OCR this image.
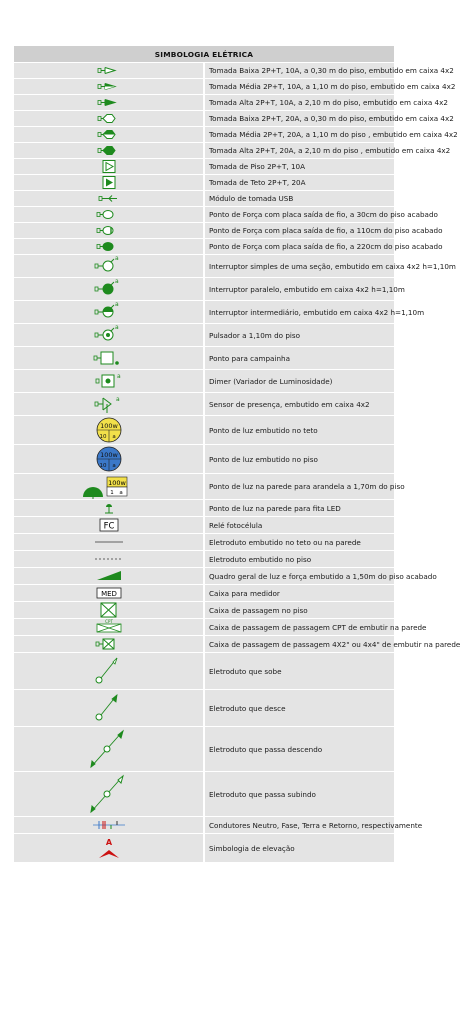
SIMBOLOGIA ELÉTRICA	

	Tomada Baixa 2P+T, 10A, a 0,30 m do piso, embutido em caixa 4x2

	Tomada Média 2P+T, 10A, a 1,10 m do piso, embutido em caixa 4x2

	Tomada Alta 2P+T, 10A, a 2,10 m do piso, embutido em caixa 4x2

	Tomada Baixa 2P+T, 20A, a 0,30 m do piso, embutido em caixa 4x2

	Tomada Média 2P+T, 20A, a 1,10 m do piso , embutido em caixa 4x2

	Tomada Alta 2P+T, 20A, a 2,10 m do piso , embutido em caixa 4x2

	Tomada de Piso 2P+T, 10A

	Tomada de Teto 2P+T, 20A

	Módulo de tomada USB

	Ponto de Força com placa saída de fio, a 30cm do piso acabado

	Ponto de Força com placa saída de fio, a 110cm do piso acabado

	Ponto de Força com placa saída de fio, a 220cm do piso acabado

a	Interruptor simples de uma seção, embutido em caixa 4x2 h=1,10m

a	Interruptor paralelo, embutido em caixa 4x2 h=1,10m

a	Interruptor intermediário, embutido em caixa 4x2 h=1,10m

a	Pulsador a 1,10m do piso

	Ponto para campainha

a	Dimer (Variador de Luminosidade)

a	Sensor de presença, embutido em caixa 4x2

100w
10 a	Ponto de luz embutido no teto

100w
10 a	Ponto de luz embutido no piso

100w
1 a	Ponto de luz na parede para arandela a 1,70m do piso

	Ponto de luz na parede para fita LED

FC	Relé fotocélula

	Eletroduto embutido no teto ou na parede

	Eletroduto embutido no piso

	Quadro geral de luz e força embutido a 1,50m do piso acabado

MED	Caixa para medidor

	Caixa de passagem no piso

CPT	Caixa de passagem de passagem CPT de embutir na parede

	Caixa de passagem de passagem 4X2" ou 4x4" de embutir na parede

	Eletroduto que sobe

	Eletroduto que desce

	Eletroduto que passa descendo

	Eletroduto que passa subindo

	Condutores Neutro, Fase, Terra e Retorno, respectivamente

A	Simbologia de elevação
